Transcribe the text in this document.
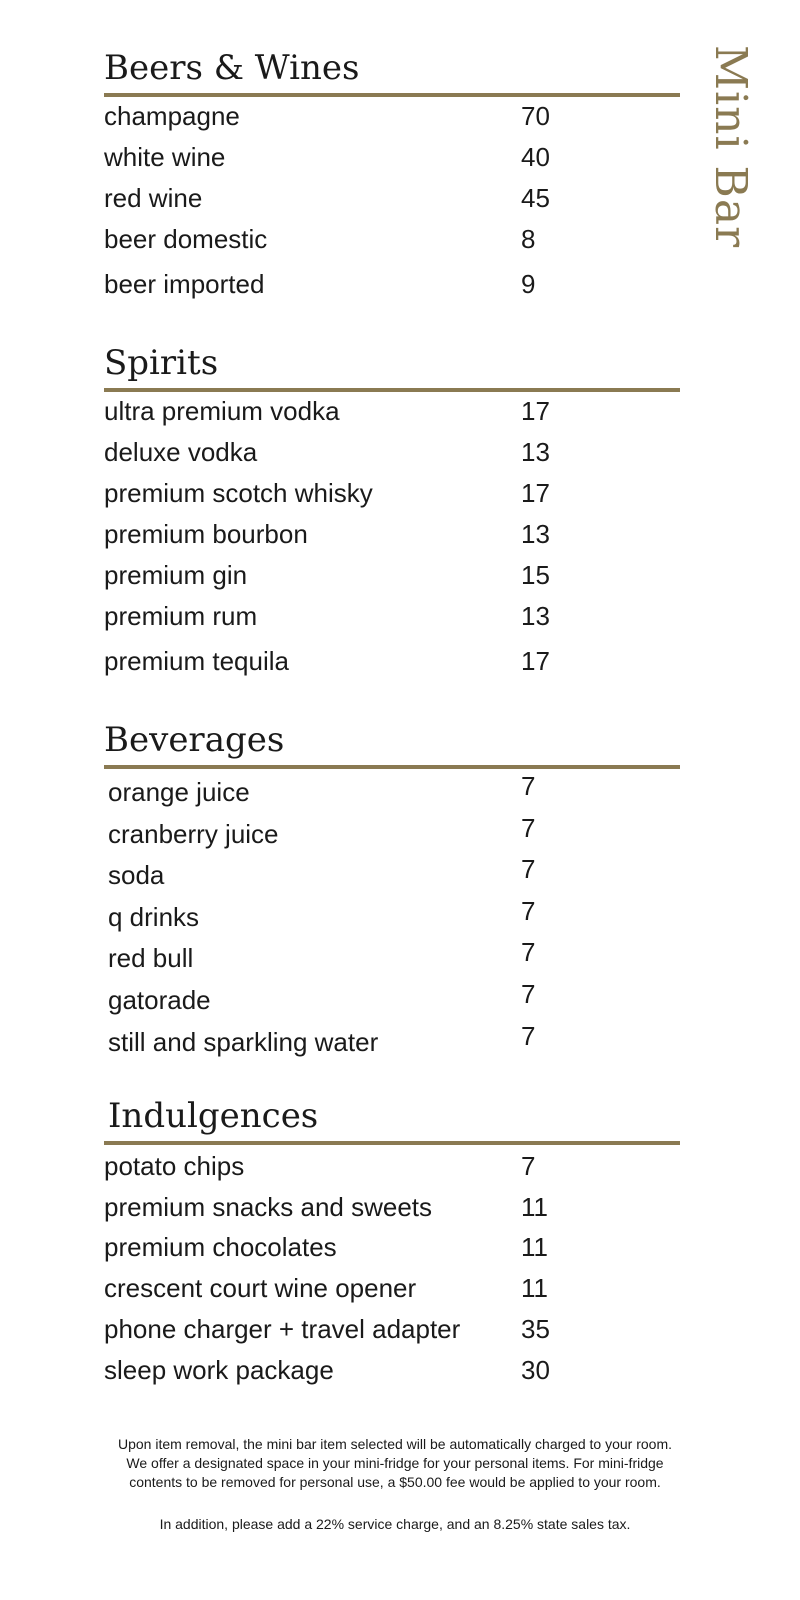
Mini Bar
Beers & Wines
champagne	70
white wine	40
red wine	45
beer domestic	8
beer imported	9
Spirits
ultra premium vodka	17
deluxe vodka	13
premium scotch whisky	17
premium bourbon	13
premium gin	15
premium rum	13
premium tequila	17
Beverages
orange juice	7
cranberry juice	7
soda	7
q drinks	7
red bull	7
gatorade	7
still and sparkling water	7
Indulgences
potato chips	7
premium snacks and sweets	11
premium chocolates	11
crescent court wine opener	11
phone charger + travel adapter 35
sleep work package	30
Upon item removal, the mini bar item selected will be automatically charged to your room.
We offer a designated space in your mini-fridge for your personal items. For mini-fridge
contents to be removed for personal use, a $50.00 fee would be applied to your room.
In addition, please add a 22% service charge, and an 8.25% state sales tax.
